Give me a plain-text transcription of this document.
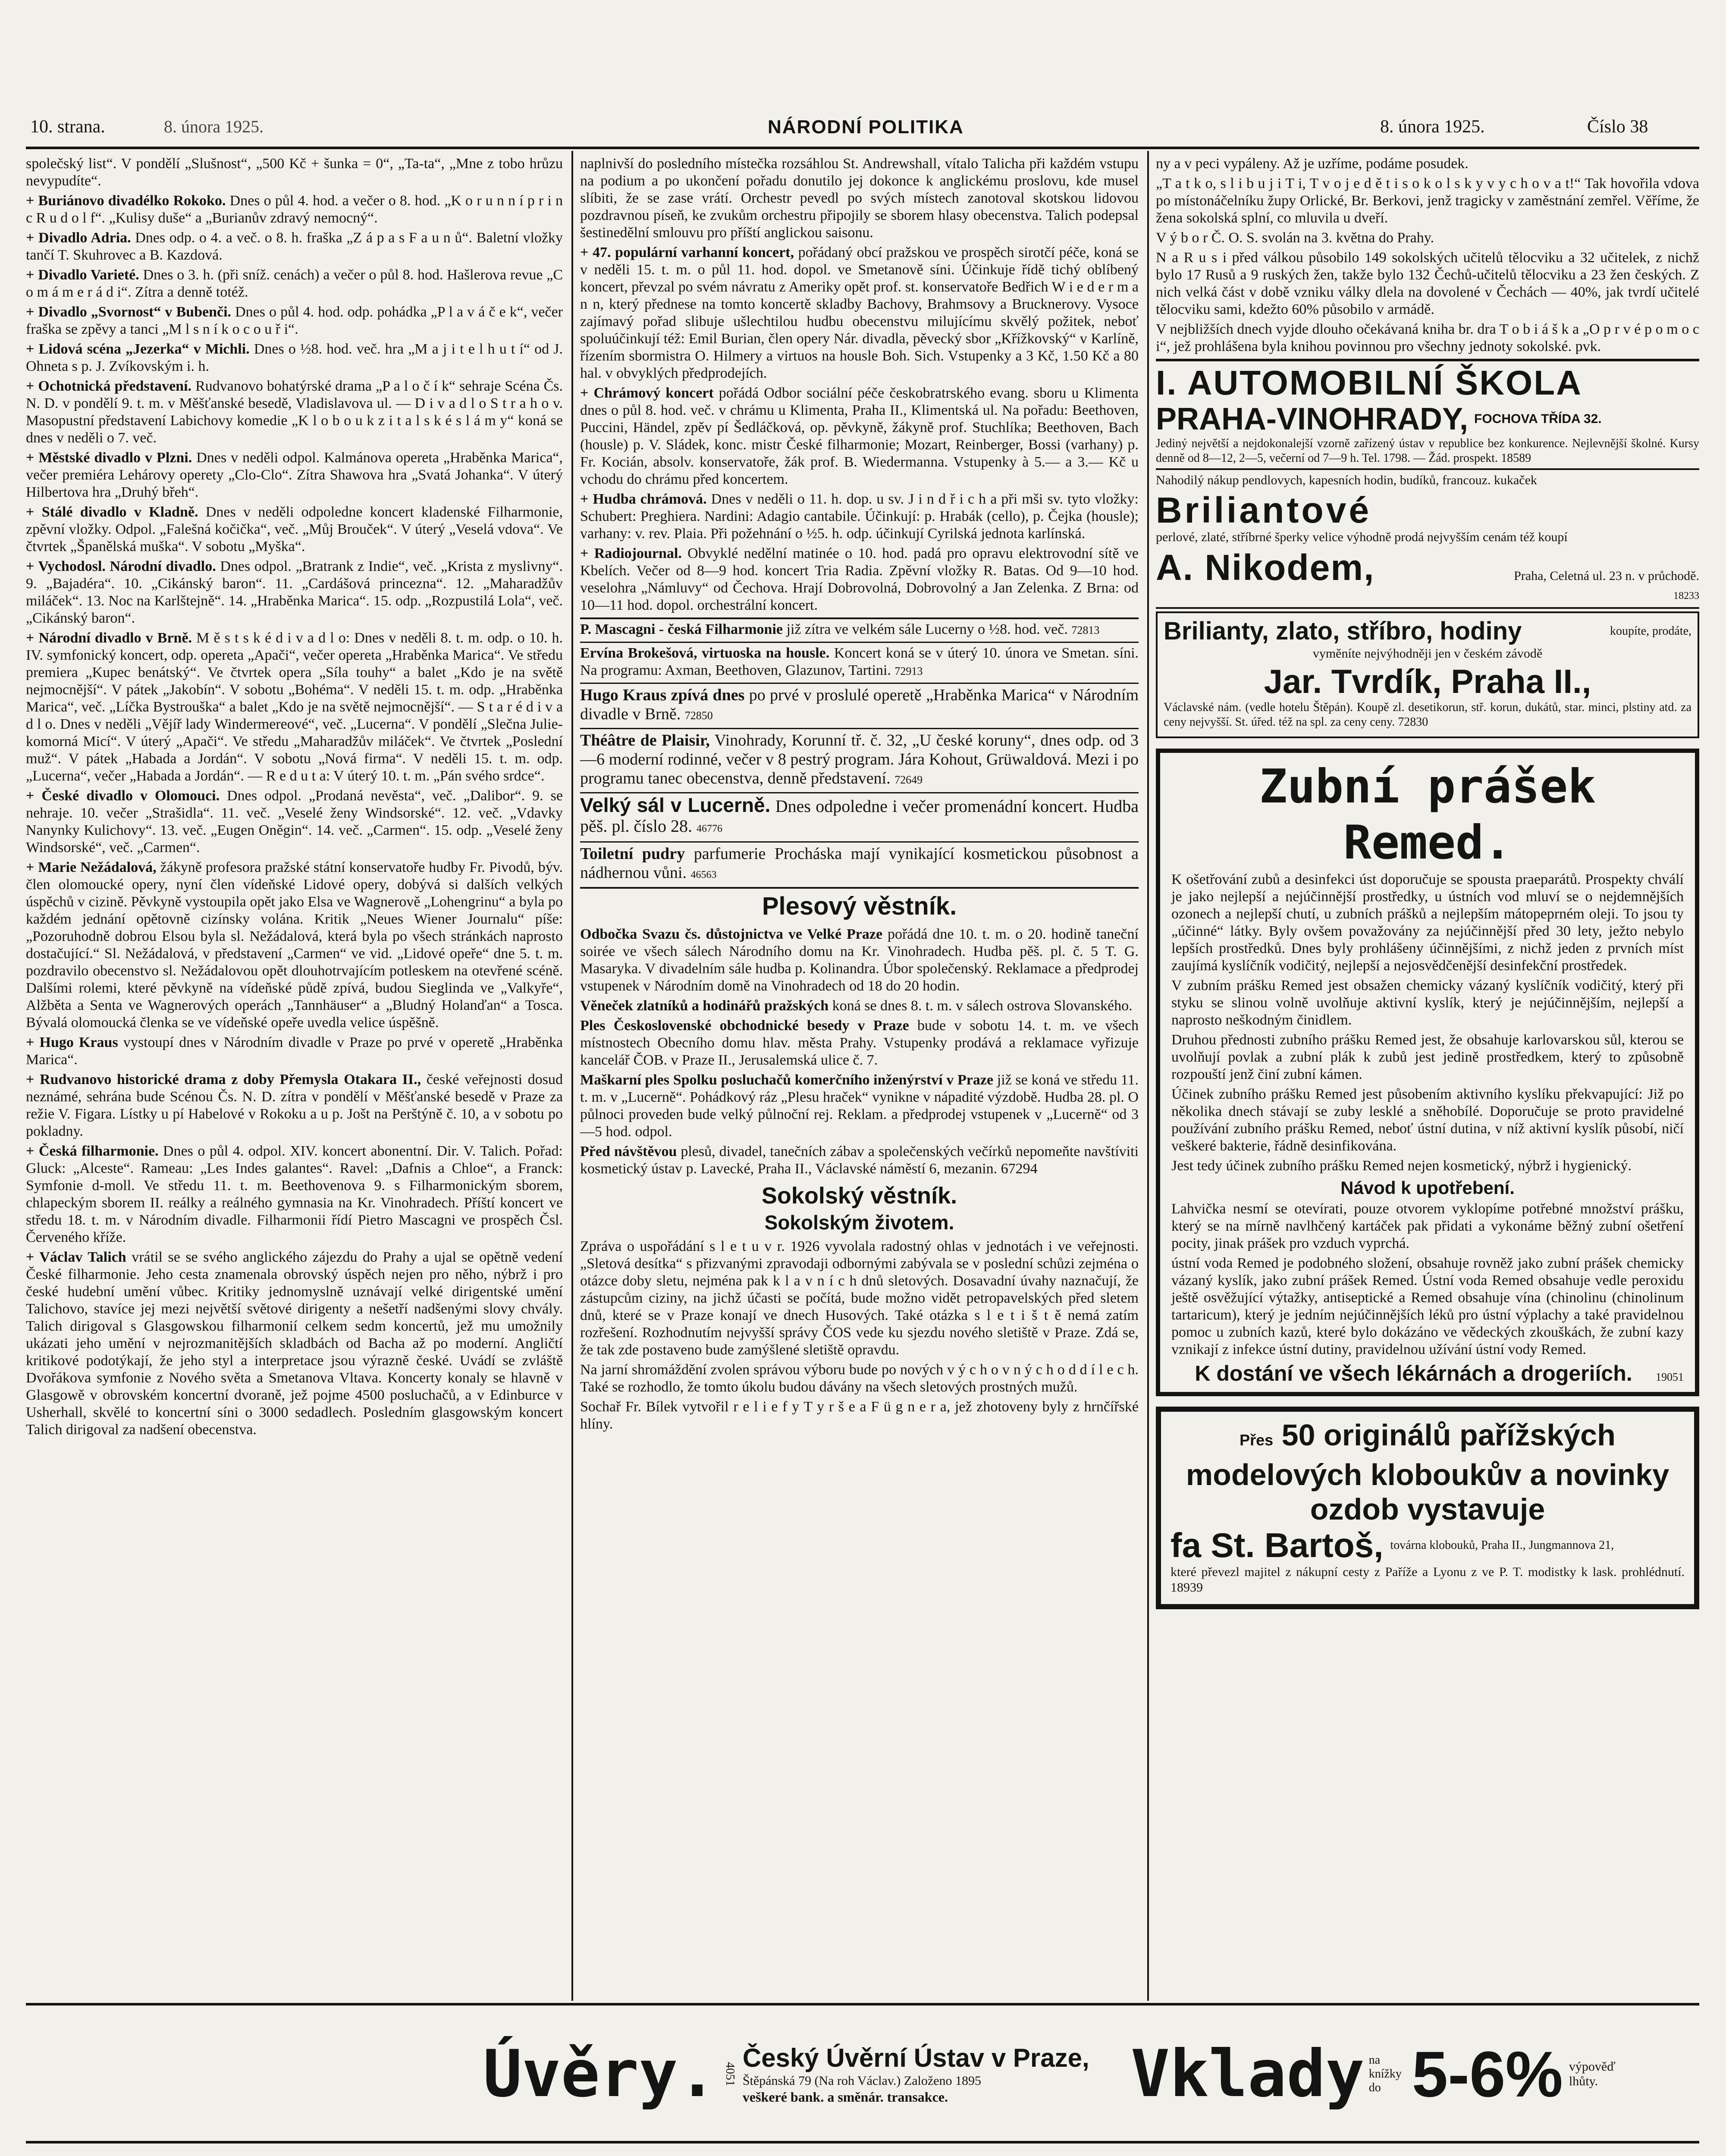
10. strana.	8. února 1925.	NÁRODNÍ POLITIKA	8. února 1925.	Číslo 38

společský list“. V pondělí „Slušnost“, „500 Kč + šunka = 0“, „Ta-ta“, „Mne z tobo hrůzu nevypudíte“.

+ Buriánovo divadélko Rokoko. Dnes o půl 4. hod. a večer o 8. hod. „K o r u n n í p r i n c R u d o l f“. „Kulisy duše“ a „Burianův zdravý nemocný“.

+ Divadlo Adria. Dnes odp. o 4. a več. o 8. h. fraška „Z á p a s F a u n ů“. Baletní vložky tančí T. Skuhrovec a B. Kazdová.

+ Divadlo Varieté. Dnes o 3. h. (při sníž. cenách) a večer o půl 8. hod. Hašlerova revue „C o m á m e r á d i“. Zítra a denně totéž.

+ Divadlo „Svornost“ v Bubenči. Dnes o půl 4. hod. odp. pohádka „P l a v á č e k“, večer fraška se zpěvy a tanci „M l s n í k o c o u ř i“.

+ Lidová scéna „Jezerka“ v Michli. Dnes o ½8. hod. več. hra „M a j i t e l h u t í“ od J. Ohneta s p. J. Zvíkovským i. h.

+ Ochotnická představení. Rudvanovo bohatýrské drama „P a l o č í k“ sehraje Scéna Čs. N. D. v pondělí 9. t. m. v Měšťanské besedě, Vladislavova ul. — D i v a d l o S t r a h o v. Masopustní představení Labichovy komedie „K l o b o u k z i t a l s k é s l á m y“ koná se dnes v neděli o 7. več.

+ Městské divadlo v Plzni. Dnes v neděli odpol. Kalmánova opereta „Hraběnka Marica“, večer premiéra Lehárovy operety „Clo-Clo“. Zítra Shawova hra „Svatá Johanka“. V úterý Hilbertova hra „Druhý břeh“.

+ Stálé divadlo v Kladně. Dnes v neděli odpoledne koncert kladenské Filharmonie, zpěvní vložky. Odpol. „Falešná kočička“, več. „Můj Brouček“. V úterý „Veselá vdova“. Ve čtvrtek „Španělská muška“. V sobotu „Myška“.

+ Vychodosl. Národní divadlo. Dnes odpol. „Bratrank z Indie“, več. „Krista z myslivny“. 9. „Bajadéra“. 10. „Cikánský baron“. 11. „Cardášová princezna“. 12. „Maharadžův miláček“. 13. Noc na Karlštejně“. 14. „Hraběnka Marica“. 15. odp. „Rozpustilá Lola“, več. „Cikánský baron“.

+ Národní divadlo v Brně. M ě s t s k é d i v a d l o: Dnes v neděli 8. t. m. odp. o 10. h. IV. symfonický koncert, odp. opereta „Apači“, večer opereta „Hraběnka Marica“. Ve středu premiera „Kupec benátský“. Ve čtvrtek opera „Síla touhy“ a balet „Kdo je na světě nejmocnější“. V pátek „Jakobín“. V sobotu „Bohéma“. V neděli 15. t. m. odp. „Hraběnka Marica“, več. „Líčka Bystrouška“ a balet „Kdo je na světě nejmocnější“. — S t a r é d i v a d l o. Dnes v neděli „Vějíř lady Windermereové“, več. „Lucerna“. V pondělí „Slečna Julie-komorná Micí“. V úterý „Apači“. Ve středu „Maharadžův miláček“. Ve čtvrtek „Poslední muž“. V pátek „Habada a Jordán“. V sobotu „Nová firma“. V neděli 15. t. m. odp. „Lucerna“, večer „Habada a Jordán“. — R e d u t a: V úterý 10. t. m. „Pán svého srdce“.

+ České divadlo v Olomouci. Dnes odpol. „Prodaná nevěsta“, več. „Dalibor“. 9. se nehraje. 10. večer „Strašidla“. 11. več. „Veselé ženy Windsorské“. 12. več. „Vdavky Nanynky Kulichovy“. 13. več. „Eugen Oněgin“. 14. več. „Carmen“. 15. odp. „Veselé ženy Windsorské“, več. „Carmen“.

+ Marie Nežádalová, žákyně profesora pražské státní konservatoře hudby Fr. Pivodů, býv. člen olomoucké opery, nyní člen vídeňské Lidové opery, dobývá si dalších velkých úspěchů v cizině. Pěvkyně vystoupila opět jako Elsa ve Wagnerově „Lohengrinu“ a byla po každém jednání opětovně cizínsky volána. Kritik „Neues Wiener Journalu“ píše: „Pozoruhodně dobrou Elsou byla sl. Nežádalová, která byla po všech stránkách naprosto dostačující.“ Sl. Nežádalová, v představení „Carmen“ ve vid. „Lidové opeře“ dne 5. t. m. pozdravilo obecenstvo sl. Nežádalovou opět dlouhotrvajícím potleskem na otevřené scéně. Dalšími rolemi, které pěvkyně na vídeňské půdě zpívá, budou Sieglinda ve „Valkyře“, Alžběta a Senta ve Wagnerových operách „Tannhäuser“ a „Bludný Holanďan“ a Tosca. Bývalá olomoucká členka se ve vídeňské opeře uvedla velice úspěšně.

+ Hugo Kraus vystoupí dnes v Národním divadle v Praze po prvé v operetě „Hraběnka Marica“.

+ Rudvanovo historické drama z doby Přemysla Otakara II., české veřejnosti dosud neznámé, sehrána bude Scénou Čs. N. D. zítra v pondělí v Měšťanské besedě v Praze za režie V. Figara. Lístky u pí Habelové v Rokoku a u p. Jošt na Perštýně č. 10, a v sobotu po pokladny.

+ Česká filharmonie. Dnes o půl 4. odpol. XIV. koncert abonentní. Dir. V. Talich. Pořad: Gluck: „Alceste“. Rameau: „Les Indes galantes“. Ravel: „Dafnis a Chloe“, a Franck: Symfonie d-moll. Ve středu 11. t. m. Beethovenova 9. s Filharmonickým sborem, chlapeckým sborem II. reálky a reálného gymnasia na Kr. Vinohradech. Příští koncert ve středu 18. t. m. v Národním divadle. Filharmonii řídí Pietro Mascagni ve prospěch Čsl. Červeného kříže.

+ Václav Talich vrátil se se svého anglického zájezdu do Prahy a ujal se opětně vedení České filharmonie. Jeho cesta znamenala obrovský úspěch nejen pro něho, nýbrž i pro české hudební umění vůbec. Kritiky jednomyslně uznávají velké dirigentské umění Talichovo, stavíce jej mezi největší světové dirigenty a nešetří nadšenými slovy chvály. Talich dirigoval s Glasgowskou filharmonií celkem sedm koncertů, jež mu umožnily ukázati jeho umění v nejrozmanitějších skladbách od Bacha až po moderní. Angličtí kritikové podotýkají, že jeho styl a interpretace jsou výrazně české. Uvádí se zvláště Dvořákova symfonie z Nového světa a Smetanova Vltava. Koncerty konaly se hlavně v Glasgowě v obrovském koncertní dvoraně, jež pojme 4500 posluchačů, a v Edinburce v Usherhall, skvělé to koncertní síni o 3000 sedadlech. Posledním glasgowským koncert Talich dirigoval za nadšení obecenstva.

naplnivší do posledního místečka rozsáhlou St. Andrewshall, vítalo Talicha při každém vstupu na podium a po ukončení pořadu donutilo jej dokonce k anglickému proslovu, kde musel slíbiti, že se zase vrátí. Orchestr pevedl po svých místech zanotoval skotskou lidovou pozdravnou píseň, ke zvukům orchestru připojily se sborem hlasy obecenstva. Talich podepsal šestinedělní smlouvu pro příští anglickou saisonu.

+ 47. populární varhanní koncert, pořádaný obcí pražskou ve prospěch sirotčí péče, koná se v neděli 15. t. m. o půl 11. hod. dopol. ve Smetanově síni. Účinkuje řídě tichý oblíbený koncert, převzal po svém návratu z Ameriky opět prof. st. konservatoře Bedřich W i e d e r m a n n, který přednese na tomto koncertě skladby Bachovy, Brahmsovy a Brucknerovy. Vysoce zajímavý pořad slibuje ušlechtilou hudbu obecenstvu milujícímu skvělý požitek, neboť spoluúčinkují též: Emil Burian, člen opery Nár. divadla, pěvecký sbor „Křížkovský“ v Karlíně, řízením sbormistra O. Hilmery a virtuos na housle Boh. Sich. Vstupenky a 3 Kč, 1.50 Kč a 80 hal. v obvyklých předprodejích.

+ Chrámový koncert pořádá Odbor sociální péče českobratrského evang. sboru u Klimenta dnes o půl 8. hod. več. v chrámu u Klimenta, Praha II., Klimentská ul. Na pořadu: Beethoven, Puccini, Händel, zpěv pí Šedláčková, op. pěvkyně, žákyně prof. Stuchlíka; Beethoven, Bach (housle) p. V. Sládek, konc. mistr České filharmonie; Mozart, Reinberger, Bossi (varhany) p. Fr. Kocián, absolv. konservatoře, žák prof. B. Wiedermanna. Vstupenky à 5.— a 3.— Kč u vchodu do chrámu před koncertem.

+ Hudba chrámová. Dnes v neděli o 11. h. dop. u sv. J i n d ř i c h a při mši sv. tyto vložky: Schubert: Preghiera. Nardini: Adagio cantabile. Účinkují: p. Hrabák (cello), p. Čejka (housle); varhany: v. rev. Plaia. Při požehnání o ½5. h. odp. účinkují Cyrilská jednota karlínská.

+ Radiojournal. Obvyklé nedělní matinée o 10. hod. padá pro opravu elektrovodní sítě ve Kbelích. Večer od 8—9 hod. koncert Tria Radia. Zpěvní vložky R. Batas. Od 9—10 hod. veselohra „Námluvy“ od Čechova. Hrají Dobrovolná, Dobrovolný a Jan Zelenka. Z Brna: od 10—11 hod. dopol. orchestrální koncert.

P. Mascagni - česká Filharmonie již zítra ve velkém sále Lucerny o ½8. hod. več. 72813

Ervína Brokešová, virtuoska na housle. Koncert koná se v úterý 10. února ve Smetan. síni. Na programu: Axman, Beethoven, Glazunov, Tartini. 72913

Hugo Kraus zpívá dnes po prvé v proslulé operetě „Hraběnka Marica“ v Národním divadle v Brně. 72850

Théâtre de Plaisir, Vinohrady, Korunní tř. č. 32, „U české koruny“, dnes odp. od 3—6 moderní rodinné, večer v 8 pestrý program. Jára Kohout, Grüwaldová. Mezi i po programu tanec obecenstva, denně představení. 72649

Velký sál v Lucerně. Dnes odpoledne i večer promenádní koncert. Hudba pěš. pl. číslo 28. 46776

Toiletní pudry parfumerie Procháska mají vynikající kosmetickou působnost a nádhernou vůni. 46563

Plesový věstník.

Odbočka Svazu čs. důstojnictva ve Velké Praze pořádá dne 10. t. m. o 20. hodině taneční soirée ve všech sálech Národního domu na Kr. Vinohradech. Hudba pěš. pl. č. 5 T. G. Masaryka. V divadelním sále hudba p. Kolinandra. Úbor společenský. Reklamace a předprodej vstupenek v Národním domě na Vinohradech od 18 do 20 hodin.

Věneček zlatníků a hodinářů pražských koná se dnes 8. t. m. v sálech ostrova Slovanského.

Ples Československé obchodnické besedy v Praze bude v sobotu 14. t. m. ve všech místnostech Obecního domu hlav. města Prahy. Vstupenky prodává a reklamace vyřizuje kancelář ČOB. v Praze II., Jerusalemská ulice č. 7.

Maškarní ples Spolku posluchačů komerčního inženýrství v Praze již se koná ve středu 11. t. m. v „Lucerně“. Pohádkový ráz „Plesu hraček“ vynikne v nápadité výzdobě. Hudba 28. pl. O půlnoci proveden bude velký půlnoční rej. Reklam. a předprodej vstupenek v „Lucerně“ od 3—5 hod. odpol.

Před návštěvou plesů, divadel, tanečních zábav a společenských večírků nepomeňte navštíviti kosmetický ústav p. Lavecké, Praha II., Václavské náměstí 6, mezanin. 67294

Sokolský věstník.
Sokolským životem.

Zpráva o uspořádání s l e t u v r. 1926 vyvolala radostný ohlas v jednotách i ve veřejnosti. „Sletová desítka“ s přizvanými zpravodaji odbornými zabývala se v poslední schůzi zejména o otázce doby sletu, nejména pak k l a v n í c h dnů sletových. Dosavadní úvahy naznačují, že zástupcům ciziny, na jichž účasti se počítá, bude možno vidět petropavelských před sletem dnů, které se v Praze konají ve dnech Husových. Také otázka s l e t i š t ě nemá zatím rozřešení. Rozhodnutím nejvyšší správy ČOS vede ku sjezdu nového sletiště v Praze. Zdá se, že tak zde postaveno bude zamýšlené sletiště opravdu.

Na jarní shromáždění zvolen správou výboru bude po nových v ý c h o v n ý c h o d d í l e c h. Také se rozhodlo, že tomto úkolu budou dávány na všech sletových prostných mužů.

Sochař Fr. Bílek vytvořil r e l i e f y T y r š e a F ü g n e r a, jež zhotoveny byly z hrnčířské hlíny.

ny a v peci vypáleny. Až je uzříme, podáme posudek.

„T a t k o, s l i b u j i T i, T v o j e d ě t i s o k o l s k y v y c h o v a t!“ Tak hovořila vdova po místonáčelníku župy Orlické, Br. Berkovi, jenž tragicky v zaměstnání zemřel. Věříme, že žena sokolská splní, co mluvila u dveří.

V ý b o r Č. O. S. svolán na 3. května do Prahy.

N a R u s i před válkou působilo 149 sokolských učitelů tělocviku a 32 učitelek, z nichž bylo 17 Rusů a 9 ruských žen, takže bylo 132 Čechů-učitelů tělocviku a 23 žen českých. Z nich velká část v době vzniku války dlela na dovolené v Čechách — 40%, jak tvrdí učitelé tělocviku sami, kdežto 60% působilo v armádě.

V nejbližších dnech vyjde dlouho očekávaná kniha br. dra T o b i á š k a „O p r v é p o m o c i“, jež prohlášena byla knihou povinnou pro všechny jednoty sokolské. pvk.

I. AUTOMOBILNÍ ŠKOLA
PRAHA-VINOHRADY, FOCHOVA TŘÍDA 32.

Jediný největší a nejdokonalejší vzorně zařízený ústav v republice bez konkurence. Nejlevnější školné. Kursy denně od 8—12, 2—5, večerní od 7—9 h. Tel. 1798. — Žád. prospekt. 18589

Nahodilý nákup pendlovych, kapesních hodin, budíků, francouz. kukaček

Briliantové

perlové, zlaté, stříbrné šperky velice výhodně prodá nejvyšším cenám též koupí

A. Nikodem,	Praha, Celetná ul. 23 n. v průchodě.
18233
Brilianty, zlato, stříbro, hodiny	koupíte, prodáte,
vyměníte nejvýhodněji jen v českém závodě
Jar. Tvrdík, Praha II.,

Václavské nám. (vedle hotelu Štěpán). Koupě zl. desetikorun, stř. korun, dukátů, star. minci, plstiny atd. za ceny nejvyšší. St. úřed. též na spl. za ceny ceny. 72830

Zubní prášek Remed.

K ošetřování zubů a desinfekci úst doporučuje se spousta praeparátů. Prospekty chválí je jako nejlepší a nejúčinnější prostředky, u ústních vod mluví se o nejdemnějších ozonech a nejlepší chutí, u zubních prášků a nejlepším mátopeprném oleji. To jsou ty „účinné“ látky. Byly ovšem považovány za nejúčinnější před 30 lety, ježto nebylo lepších prostředků. Dnes byly prohlášeny účinnějšími, z nichž jeden z prvních míst zaujímá kyslíčník vodičitý, nejlepší a nejosvědčenější desinfekční prostředek.

V zubním prášku Remed jest obsažen chemicky vázaný kyslíčník vodičitý, který při styku se slinou volně uvolňuje aktivní kyslík, který je nejúčinnějším, nejlepší a naprosto neškodným činidlem.

Druhou přednosti zubního prášku Remed jest, že obsahuje karlovarskou sůl, kterou se uvolňují povlak a zubní plák k zubů jest jedině prostředkem, který to způsobně rozpouští jenž činí zubní kámen.

Účinek zubního prášku Remed jest působením aktivního kyslíku překvapující: Již po několika dnech stávají se zuby lesklé a sněhobílé. Doporučuje se proto pravidelné používání zubního prášku Remed, neboť ústní dutina, v níž aktivní kyslík působí, ničí veškeré bakterie, řádně desinfikována.

Jest tedy účinek zubního prášku Remed nejen kosmetický, nýbrž i hygienický.

Návod k upotřebení.

Lahvička nesmí se otevírati, pouze otvorem vyklopíme potřebné množství prášku, který se na mírně navlhčený kartáček pak přidati a vykonáme běžný zubní ošetření pocity, jinak prášek pro vzduch vyprchá.

ústní voda Remed je podobného složení, obsahuje rovněž jako zubní prášek chemicky vázaný kyslík, jako zubní prášek Remed. Ústní voda Remed obsahuje vedle peroxidu ještě osvěžující výtažky, antiseptické a Remed obsahuje vína (chinolinu (chinolinum tartaricum), který je jedním nejúčinnějších léků pro ústní výplachy a také pravidelnou pomoc u zubních kazů, které bylo dokázáno ve vědeckých zkouškách, že zubní kazy vznikají z infekce ústní dutiny, pravidelnou užívání ústní vody Remed.

K dostání ve všech lékárnách a drogeriích.	19051
Přes 50 originálů pařížských modelových kloboukův a novinky ozdob vystavuje
fa St. Bartoš, továrna klobouků, Praha II., Jungmannova 21,

které převezl majitel z nákupní cesty z Paříže a Lyonu z ve P. T. modistky k lask. prohlédnutí. 18939

Úvěry. 4051
Český Úvěrní Ústav v Praze,
Štěpánská 79 (Na roh Václav.) Založeno 1895
veškeré bank. a směnár. transakce.	Vklady na knížky do 5-6% výpověď lhůty.
